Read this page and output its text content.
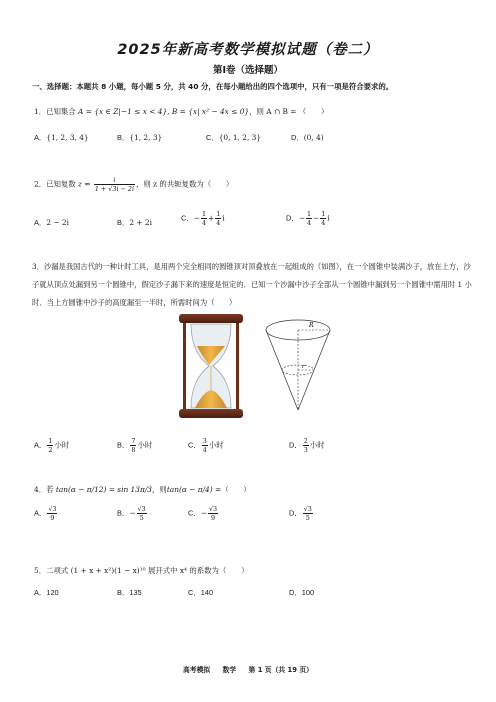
2025年新高考数学模拟试题（卷二）
第Ⅰ卷（选择题）
一、选择题：本题共 8 小题，每小题 5 分，共 40 分，在每小题给出的四个选项中，只有一项是符合要求的。
1．已知集合 A = {x ∈ Z|−1 ≤ x < 4}, B = {x| x² − 4x ≤ 0}，则 A ∩ B = （　　）
A．{1, 2, 3, 4}	B．{1, 2, 3}	C．{0, 1, 2, 3}	D．(0, 4)
2．已知复数 $z = \frac{i}{1 + √3i - 2i}$ ，则 z 的共轭复数为（　　）
A．2 − 2i	B．2 + 2i	C．− $\frac{1}{4} + \frac{1}{4}$ i	D．− $\frac{1}{4} - \frac{1}{4}$ i
3．沙漏是我国古代的一种计时工具，是用两个完全相同的圆锥顶对顶叠放在一起组成的（如图），在一个圆锥中装满沙子，放在上方，沙子就从顶点处漏到另一个圆锥中，假定沙子漏下来的速度是恒定的．已知一个沙漏中沙子全部从一个圆锥中漏到另一个圆锥中需用时 1 小时．当上方圆锥中沙子的高度漏至一半时，所需时间为（　　）
R
r
A． $\frac{1}{2}$ 小时	B． $\frac{7}{8}$ 小时	C． $\frac{3}{4}$ 小时	D． $\frac{2}{3}$ 小时
4．若 tan(α − π/12) = sin 13π/3，则tan(α − π/4) =（　　）
A． $\frac{√3}{9}$	B．− $\frac{√3}{5}$	C．− $\frac{√3}{9}$	D． $\frac{√3}{5}$
5．二项式 (1 + x + x²)(1 − x)¹⁰ 展开式中 x⁴ 的系数为（　　）
A．120	B．135	C．140	D．100
高考模拟 数学 第 1 页（共 19 页）
